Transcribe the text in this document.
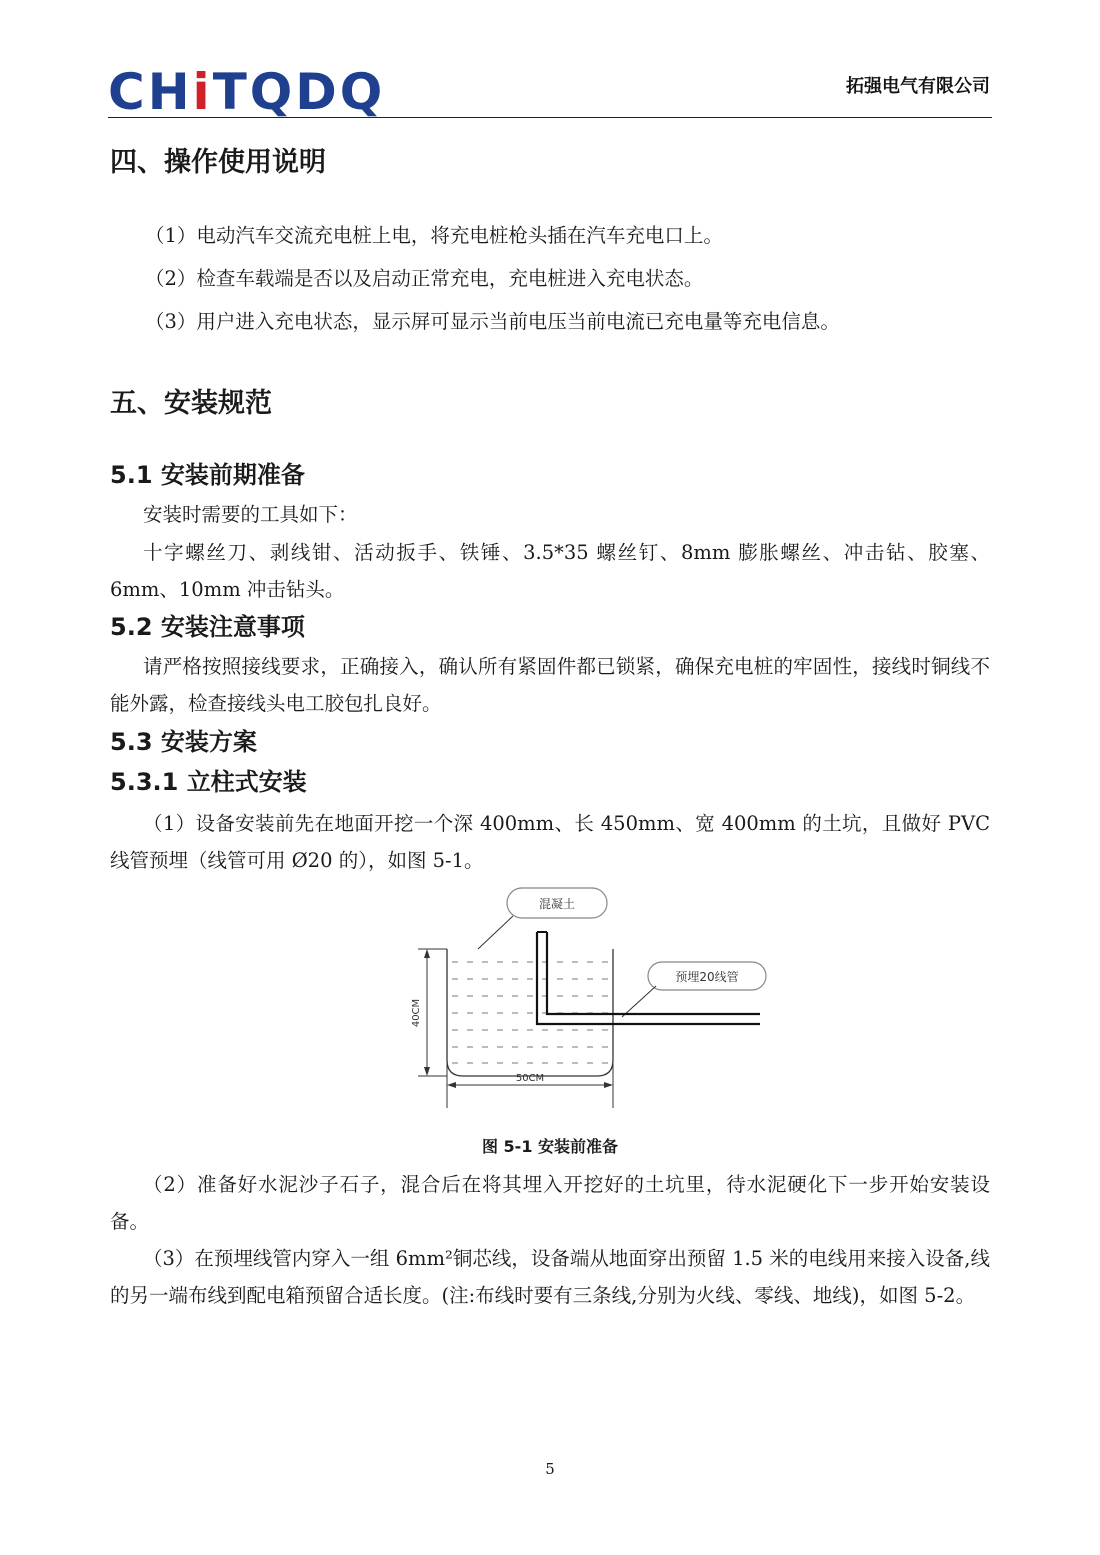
CHiTQDQ	拓强电气有限公司
四、操作使用说明
（1）电动汽车交流充电桩上电，将充电桩枪头插在汽车充电口上。
（2）检查车载端是否以及启动正常充电，充电桩进入充电状态。
（3）用户进入充电状态，显示屏可显示当前电压当前电流已充电量等充电信息。
五、安装规范
5.1 安装前期准备
安装时需要的工具如下：
十字螺丝刀、剥线钳、活动扳手、铁锤、3.5*35 螺丝钉、8mm 膨胀螺丝、冲击钻、胶塞、6mm、10mm 冲击钻头。
5.2 安装注意事项
请严格按照接线要求，正确接入，确认所有紧固件都已锁紧，确保充电桩的牢固性，接线时铜线不能外露，检查接线头电工胶包扎良好。
5.3 安装方案
5.3.1 立柱式安装
（1）设备安装前先在地面开挖一个深 400mm、长 450mm、宽 400mm 的土坑，且做好 PVC 线管预埋（线管可用 Ø20 的），如图 5-1。
混凝土
预埋20线管
40CM
50CM
图 5-1 安装前准备
（2）准备好水泥沙子石子，混合后在将其埋入开挖好的土坑里，待水泥硬化下一步开始安装设备。
（3）在预埋线管内穿入一组 6mm²铜芯线，设备端从地面穿出预留 1.5 米的电线用来接入设备,线的另一端布线到配电箱预留合适长度。(注:布线时要有三条线,分别为火线、零线、地线)，如图 5-2。
5
